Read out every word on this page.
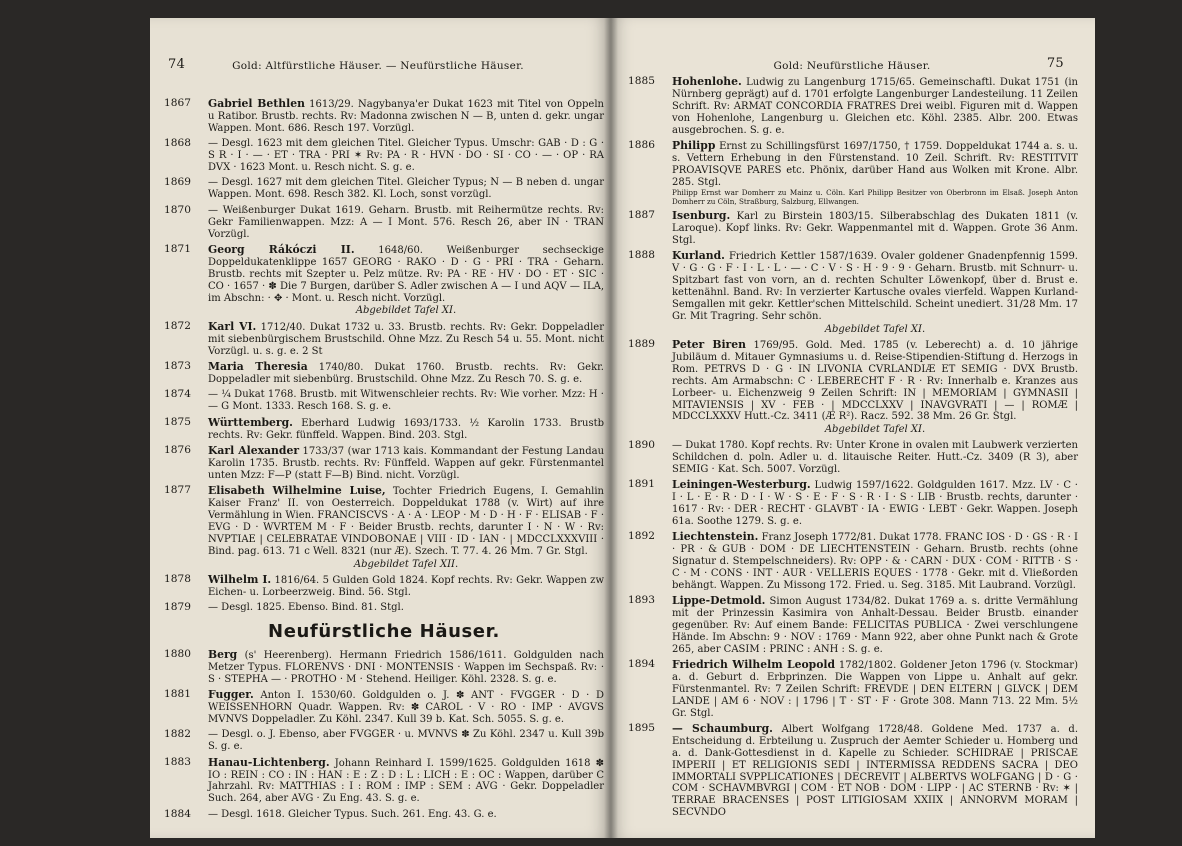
74	Gold: Altfürstliche Häuser. — Neufürstliche Häuser.
1867 Gabriel Bethlen 1613/29. Nagybanya'er Dukat 1623 mit Titel von Oppeln u Ratibor. Brustb. rechts. Rv: Madonna zwischen N — B, unten d. gekr. ungar Wappen. Mont. 686. Resch 197. Vorzügl.
1868 — Desgl. 1623 mit dem gleichen Titel. Gleicher Typus. Umschr: GAB · D : G · S R · I · — · ET · TRA · PRI ✶ Rv: PA · R · HVN · DO · SI · CO · — · OP · RA DVX · 1623 Mont. u. Resch nicht. S. g. e.
1869 — Desgl. 1627 mit dem gleichen Titel. Gleicher Typus; N — B neben d. ungar Wappen. Mont. 698. Resch 382. Kl. Loch, sonst vorzügl.
1870 — Weißenburger Dukat 1619. Geharn. Brustb. mit Reihermütze rechts. Rv: Gekr Familienwappen. Mzz: A — I Mont. 576. Resch 26, aber IN · TRAN Vorzügl.
1871 Georg Rákóczi II. 1648/60. Weißenburger sechseckige Doppeldukatenklippe 1657 GEORG · RAKO · D · G · PRI · TRA · Geharn. Brustb. rechts mit Szepter u. Pelz mütze. Rv: PA · RE · HV · DO · ET · SIC · CO · 1657 · ✽ Die 7 Burgen, darüber S. Adler zwischen A — I und AQV — ILA, im Abschn: · ✥ · Mont. u. Resch nicht. Vorzügl.
Abgebildet Tafel XI.
1872 Karl VI. 1712/40. Dukat 1732 u. 33. Brustb. rechts. Rv: Gekr. Doppeladler mit siebenbürgischem Brustschild. Ohne Mzz. Zu Resch 54 u. 55. Mont. nicht Vorzügl. u. s. g. e. 2 St
1873 Maria Theresia 1740/80. Dukat 1760. Brustb. rechts. Rv: Gekr. Doppeladler mit siebenbürg. Brustschild. Ohne Mzz. Zu Resch 70. S. g. e.
1874 — ¼ Dukat 1768. Brustb. mit Witwenschleier rechts. Rv: Wie vorher. Mzz: H · — G Mont. 1333. Resch 168. S. g. e.
1875 Württemberg. Eberhard Ludwig 1693/1733. ½ Karolin 1733. Brustb rechts. Rv: Gekr. fünffeld. Wappen. Bind. 203. Stgl.
1876 Karl Alexander 1733/37 (war 1713 kais. Kommandant der Festung Landau Karolin 1735. Brustb. rechts. Rv: Fünffeld. Wappen auf gekr. Fürstenmantel unten Mzz: F—P (statt F—B) Bind. nicht. Vorzügl.
1877 Elisabeth Wilhelmine Luise, Tochter Friedrich Eugens, I. Gemahlin Kaiser Franz' II. von Oesterreich. Doppeldukat 1788 (v. Wirt) auf ihre Vermählung in Wien. FRANCISCVS · A · A · LEOP · M · D · H · F · ELISAB · F · EVG · D · WVRTEM M · F · Beider Brustb. rechts, darunter I · N · W · Rv: NVPTIAE | CELEBRATAE VINDOBONAE | VIII · ID · IAN · | MDCCLXXXVIII · Bind. pag. 613. 71 c Well. 8321 (nur Æ). Szech. T. 77. 4. 26 Mm. 7 Gr. Stgl.
Abgebildet Tafel XII.
1878 Wilhelm I. 1816/64. 5 Gulden Gold 1824. Kopf rechts. Rv: Gekr. Wappen zw Eichen- u. Lorbeerzweig. Bind. 56. Stgl.
1879 — Desgl. 1825. Ebenso. Bind. 81. Stgl.
Neufürstliche Häuser.
1880 Berg (s' Heerenberg). Hermann Friedrich 1586/1611. Goldgulden nach Metzer Typus. FLORENVS · DNI · MONTENSIS · Wappen im Sechspaß. Rv: · S · STEPHA — · PROTHO · M · Stehend. Heiliger. Köhl. 2328. S. g. e.
1881 Fugger. Anton I. 1530/60. Goldgulden o. J. ✽ ANT · FVGGER · D · D WEISSENHORN Quadr. Wappen. Rv: ✽ CAROL · V · RO · IMP · AVGVS MVNVS Doppeladler. Zu Köhl. 2347. Kull 39 b. Kat. Sch. 5055. S. g. e.
1882 — Desgl. o. J. Ebenso, aber FVGGER · u. MVNVS ✽ Zu Köhl. 2347 u. Kull 39b S. g. e.
1883 Hanau-Lichtenberg. Johann Reinhard I. 1599/1625. Goldgulden 1618 ✽ IO : REIN : CO : IN : HAN : E : Z : D : L : LICH : E : OC : Wappen, darüber C Jahrzahl. Rv: MATTHIAS : I : ROM : IMP : SEM : AVG · Gekr. Doppeladler Such. 264, aber AVG · Zu Eng. 43. S. g. e.
1884 — Desgl. 1618. Gleicher Typus. Such. 261. Eng. 43. G. e.
Gold: Neufürstliche Häuser.	75
1885 Hohenlohe. Ludwig zu Langenburg 1715/65. Gemeinschaftl. Dukat 1751 (in Nürnberg geprägt) auf d. 1701 erfolgte Langenburger Landesteilung. 11 Zeilen Schrift. Rv: ARMAT CONCORDIA FRATRES Drei weibl. Figuren mit d. Wappen von Hohenlohe, Langenburg u. Gleichen etc. Köhl. 2385. Albr. 200. Etwas ausgebrochen. S. g. e.
1886 Philipp Ernst zu Schillingsfürst 1697/1750, † 1759. Doppeldukat 1744 a. s. u. s. Vettern Erhebung in den Fürstenstand. 10 Zeil. Schrift. Rv: RESTITVIT PROAVISQVE PARES etc. Phönix, darüber Hand aus Wolken mit Krone. Albr. 285. Stgl.
Philipp Ernst war Domherr zu Mainz u. Cöln. Karl Philipp Besitzer von Oberbronn im Elsaß. Joseph Anton Domherr zu Cöln, Straßburg, Salzburg, Ellwangen.
1887 Isenburg. Karl zu Birstein 1803/15. Silberabschlag des Dukaten 1811 (v. Laroque). Kopf links. Rv: Gekr. Wappenmantel mit d. Wappen. Grote 36 Anm. Stgl.
1888 Kurland. Friedrich Kettler 1587/1639. Ovaler goldener Gnadenpfennig 1599. V · G · G · F · I · L · L · — · C · V · S · H · 9 · 9 · Geharn. Brustb. mit Schnurr- u. Spitzbart fast von vorn, an d. rechten Schulter Löwenkopf, über d. Brust e. kettenähnl. Band. Rv: In verzierter Kartusche ovales vierfeld. Wappen Kurland-Semgallen mit gekr. Kettler'schen Mittelschild. Scheint unediert. 31/28 Mm. 17 Gr. Mit Tragring. Sehr schön.
Abgebildet Tafel XI.
1889 Peter Biren 1769/95. Gold. Med. 1785 (v. Leberecht) a. d. 10 jährige Jubiläum d. Mitauer Gymnasiums u. d. Reise-Stipendien-Stiftung d. Herzogs in Rom. PETRVS D · G · IN LIVONIA CVRLANDIÆ ET SEMIG · DVX Brustb. rechts. Am Armabschn: C · LEBERECHT F · R · Rv: Innerhalb e. Kranzes aus Lorbeer- u. Eichenzweig 9 Zeilen Schrift: IN | MEMORIAM | GYMNASII | MITAVIENSIS | XV · FEB · | MDCCLXXV | INAVGVRATI | — | ROMÆ | MDCCLXXXV Hutt.-Cz. 3411 (Æ R²). Racz. 592. 38 Mm. 26 Gr. Stgl.
Abgebildet Tafel XI.
1890 — Dukat 1780. Kopf rechts. Rv: Unter Krone in ovalen mit Laubwerk verzierten Schildchen d. poln. Adler u. d. litauische Reiter. Hutt.-Cz. 3409 (R 3), aber SEMIG · Kat. Sch. 5007. Vorzügl.
1891 Leiningen-Westerburg. Ludwig 1597/1622. Goldgulden 1617. Mzz. LV · C · I · L · E · R · D · I · W · S · E · F · S · R · I · S · LIB · Brustb. rechts, darunter · 1617 · Rv: · DER · RECHT · GLAVBT · IA · EWIG · LEBT · Gekr. Wappen. Joseph 61a. Soothe 1279. S. g. e.
1892 Liechtenstein. Franz Joseph 1772/81. Dukat 1778. FRANC IOS · D · GS · R · I · PR · & GUB · DOM · DE LIECHTENSTEIN · Geharn. Brustb. rechts (ohne Signatur d. Stempelschneiders). Rv: OPP · & · CARN · DUX · COM · RITTB · S · C · M · CONS · INT · AUR · VELLERIS EQUES · 1778 · Gekr. mit d. Vließorden behängt. Wappen. Zu Missong 172. Fried. u. Seg. 3185. Mit Laubrand. Vorzügl.
1893 Lippe-Detmold. Simon August 1734/82. Dukat 1769 a. s. dritte Vermählung mit der Prinzessin Kasimira von Anhalt-Dessau. Beider Brustb. einander gegenüber. Rv: Auf einem Bande: FELICITAS PUBLICA · Zwei verschlungene Hände. Im Abschn: 9 · NOV : 1769 · Mann 922, aber ohne Punkt nach & Grote 265, aber CASIM : PRINC : ANH : S. g. e.
1894 Friedrich Wilhelm Leopold 1782/1802. Goldener Jeton 1796 (v. Stockmar) a. d. Geburt d. Erbprinzen. Die Wappen von Lippe u. Anhalt auf gekr. Fürstenmantel. Rv: 7 Zeilen Schrift: FREVDE | DEN ELTERN | GLVCK | DEM LANDE | AM 6 · NOV : | 1796 | T · ST · F · Grote 308. Mann 713. 22 Mm. 5½ Gr. Stgl.
1895 — Schaumburg. Albert Wolfgang 1728/48. Goldene Med. 1737 a. d. Entscheidung d. Erbteilung u. Zuspruch der Aemter Schieder u. Homberg und a. d. Dank-Gottesdienst in d. Kapelle zu Schieder. SCHIDRAE | PRISCAE IMPERII | ET RELIGIONIS SEDI | INTERMISSA REDDENS SACRA | DEO IMMORTALI SVPPLICATIONES | DECREVIT | ALBERTVS WOLFGANG | D · G · COM · SCHAVMBVRGI | COM · ET NOB · DOM · LIPP · | AC STERNB · Rv: ✶ | TERRAE BRACENSES | POST LITIGIOSAM XXIIX | ANNORVM MORAM | SECVNDO
